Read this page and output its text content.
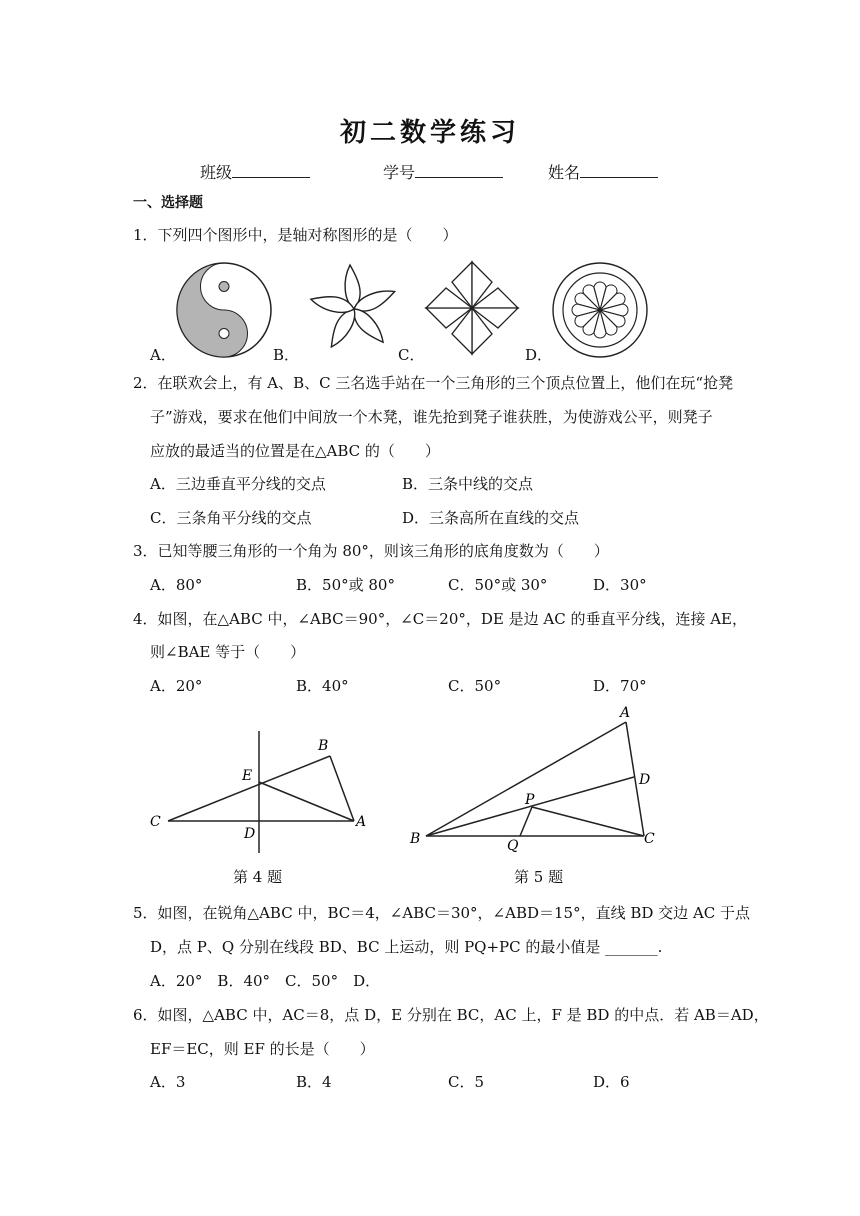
初二数学练习
班级	学号	姓名
一、选择题
1．下列四个图形中，是轴对称图形的是（　　）
A．	B．	C．	D．
2．在联欢会上，有 A、B、C 三名选手站在一个三角形的三个顶点位置上，他们在玩“抢凳
子”游戏，要求在他们中间放一个木凳，谁先抢到凳子谁获胜，为使游戏公平，则凳子
应放的最适当的位置是在△ABC 的（　　）
A．三边垂直平分线的交点	B．三条中线的交点
C．三条角平分线的交点	D．三条高所在直线的交点
3．已知等腰三角形的一个角为 80°，则该三角形的底角度数为（　　）
A．80°	B．50°或 80°	C．50°或 30°	D．30°
4．如图，在△ABC 中，∠ABC＝90°，∠C＝20°，DE 是边 AC 的垂直平分线，连接 AE，
则∠BAE 等于（　　）
A．20°	B．40°	C．50°	D．70°
C
D
E
B
A
第 4 题
A
D
P
B	Q	C
第 5 题
5．如图，在锐角△ABC 中，BC＝4，∠ABC＝30°，∠ABD＝15°，直线 BD 交边 AC 于点
D，点 P、Q 分别在线段 BD、BC 上运动，则 PQ+PC 的最小值是 _______.
A．20°　B．40°　C．50°　D．
6．如图，△ABC 中，AC＝8，点 D，E 分别在 BC，AC 上，F 是 BD 的中点．若 AB＝AD，
EF＝EC，则 EF 的长是（　　）
A．3	B．4	C．5	D．6
